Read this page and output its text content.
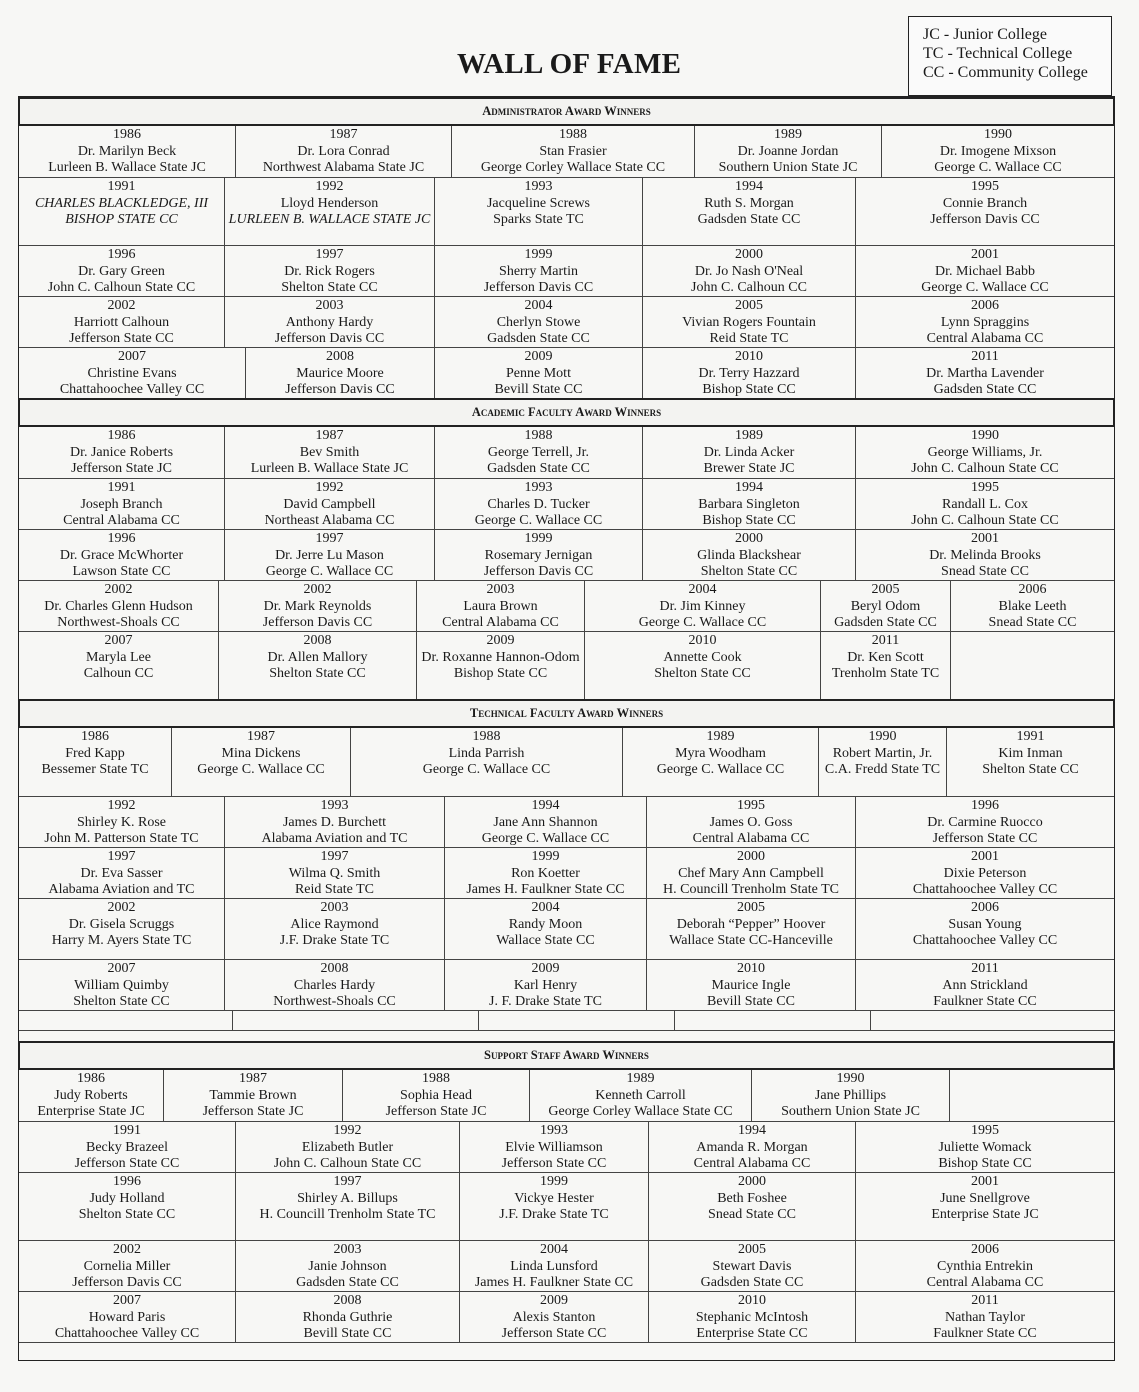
WALL OF FAME
JC - Junior College
TC - Technical College
CC - Community College
Administrator Award Winners
1986
Dr. Marilyn Beck
Lurleen B. Wallace State JC
1987
Dr. Lora Conrad
Northwest Alabama State JC
1988
Stan Frasier
George Corley Wallace State CC
1989
Dr. Joanne Jordan
Southern Union State JC
1990
Dr. Imogene Mixson
George C. Wallace CC
1991
CHARLES BLACKLEDGE, III
BISHOP STATE CC
1992
Lloyd Henderson
LURLEEN B. WALLACE STATE JC
1993
Jacqueline Screws
Sparks State TC
1994
Ruth S. Morgan
Gadsden State CC
1995
Connie Branch
Jefferson Davis CC
1996
Dr. Gary Green
John C. Calhoun State CC
1997
Dr. Rick Rogers
Shelton State CC
1999
Sherry Martin
Jefferson Davis CC
2000
Dr. Jo Nash O'Neal
John C. Calhoun CC
2001
Dr. Michael Babb
George C. Wallace CC
2002
Harriott Calhoun
Jefferson State CC
2003
Anthony Hardy
Jefferson Davis CC
2004
Cherlyn Stowe
Gadsden State CC
2005
Vivian Rogers Fountain
Reid State TC
2006
Lynn Spraggins
Central Alabama CC
2007
Christine Evans
Chattahoochee Valley CC
2008
Maurice Moore
Jefferson Davis CC
2009
Penne Mott
Bevill State CC
2010
Dr. Terry Hazzard
Bishop State CC
2011
Dr. Martha Lavender
Gadsden State CC
Academic Faculty Award Winners
1986
Dr. Janice Roberts
Jefferson State JC
1987
Bev Smith
Lurleen B. Wallace State JC
1988
George Terrell, Jr.
Gadsden State CC
1989
Dr. Linda Acker
Brewer State JC
1990
George Williams, Jr.
John C. Calhoun State CC
1991
Joseph Branch
Central Alabama CC
1992
David Campbell
Northeast Alabama CC
1993
Charles D. Tucker
George C. Wallace CC
1994
Barbara Singleton
Bishop State CC
1995
Randall L. Cox
John C. Calhoun State CC
1996
Dr. Grace McWhorter
Lawson State CC
1997
Dr. Jerre Lu Mason
George C. Wallace CC
1999
Rosemary Jernigan
Jefferson Davis CC
2000
Glinda Blackshear
Shelton State CC
2001
Dr. Melinda Brooks
Snead State CC
2002
Dr. Charles Glenn Hudson
Northwest-Shoals CC
2002
Dr. Mark Reynolds
Jefferson Davis CC
2003
Laura Brown
Central Alabama CC
2004
Dr. Jim Kinney
George C. Wallace CC
2005
Beryl Odom
Gadsden State CC
2006
Blake Leeth
Snead State CC
2007
Maryla Lee
Calhoun CC
2008
Dr. Allen Mallory
Shelton State CC
2009
Dr. Roxanne Hannon-Odom
Bishop State CC
2010
Annette Cook
Shelton State CC
2011
Dr. Ken Scott
Trenholm State TC
Technical Faculty Award Winners
1986
Fred Kapp
Bessemer State TC
1987
Mina Dickens
George C. Wallace CC
1988
Linda Parrish
George C. Wallace CC
1989
Myra Woodham
George C. Wallace CC
1990
Robert Martin, Jr.
C.A. Fredd State TC
1991
Kim Inman
Shelton State CC
1992
Shirley K. Rose
John M. Patterson State TC
1993
James D. Burchett
Alabama Aviation and TC
1994
Jane Ann Shannon
George C. Wallace CC
1995
James O. Goss
Central Alabama CC
1996
Dr. Carmine Ruocco
Jefferson State CC
1997
Dr. Eva Sasser
Alabama Aviation and TC
1997
Wilma Q. Smith
Reid State TC
1999
Ron Koetter
James H. Faulkner State CC
2000
Chef Mary Ann Campbell
H. Councill Trenholm State TC
2001
Dixie Peterson
Chattahoochee Valley CC
2002
Dr. Gisela Scruggs
Harry M. Ayers State TC
2003
Alice Raymond
J.F. Drake State TC
2004
Randy Moon
Wallace State CC
2005
Deborah “Pepper” Hoover
Wallace State CC-Hanceville
2006
Susan Young
Chattahoochee Valley CC
2007
William Quimby
Shelton State CC
2008
Charles Hardy
Northwest-Shoals CC
2009
Karl Henry
J. F. Drake State TC
2010
Maurice Ingle
Bevill State CC
2011
Ann Strickland
Faulkner State CC
Support Staff Award Winners
1986
Judy Roberts
Enterprise State JC
1987
Tammie Brown
Jefferson State JC
1988
Sophia Head
Jefferson State JC
1989
Kenneth Carroll
George Corley Wallace State CC
1990
Jane Phillips
Southern Union State JC
1991
Becky Brazeel
Jefferson State CC
1992
Elizabeth Butler
John C. Calhoun State CC
1993
Elvie Williamson
Jefferson State CC
1994
Amanda R. Morgan
Central Alabama CC
1995
Juliette Womack
Bishop State CC
1996
Judy Holland
Shelton State CC
1997
Shirley A. Billups
H. Councill Trenholm State TC
1999
Vickye Hester
J.F. Drake State TC
2000
Beth Foshee
Snead State CC
2001
June Snellgrove
Enterprise State JC
2002
Cornelia Miller
Jefferson Davis CC
2003
Janie Johnson
Gadsden State CC
2004
Linda Lunsford
James H. Faulkner State CC
2005
Stewart Davis
Gadsden State CC
2006
Cynthia Entrekin
Central Alabama CC
2007
Howard Paris
Chattahoochee Valley CC
2008
Rhonda Guthrie
Bevill State CC
2009
Alexis Stanton
Jefferson State CC
2010
Stephanic McIntosh
Enterprise State CC
2011
Nathan Taylor
Faulkner State CC
